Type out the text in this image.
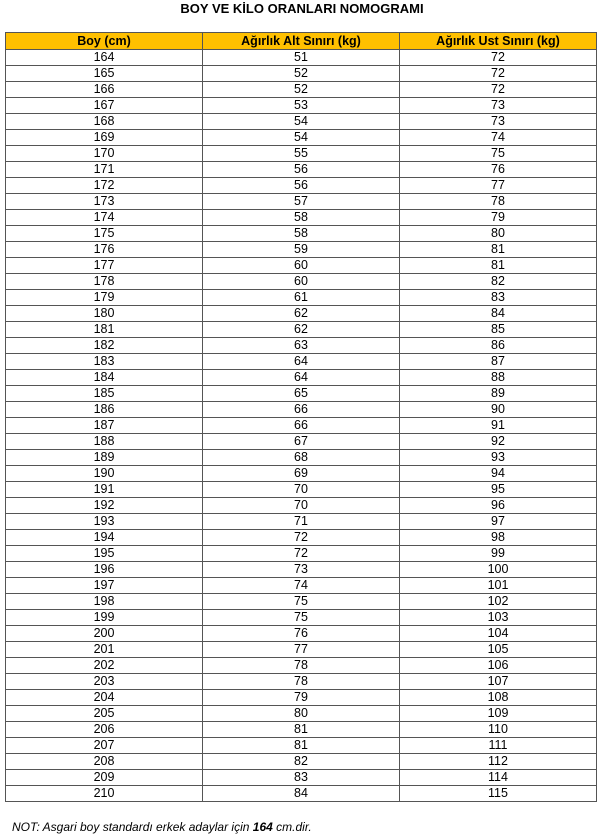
BOY VE KİLO ORANLARI NOMOGRAMI
Boy (cm)	Ağırlık Alt Sınırı (kg)	Ağırlık Ust Sınırı (kg)
164	51	72
165	52	72
166	52	72
167	53	73
168	54	73
169	54	74
170	55	75
171	56	76
172	56	77
173	57	78
174	58	79
175	58	80
176	59	81
177	60	81
178	60	82
179	61	83
180	62	84
181	62	85
182	63	86
183	64	87
184	64	88
185	65	89
186	66	90
187	66	91
188	67	92
189	68	93
190	69	94
191	70	95
192	70	96
193	71	97
194	72	98
195	72	99
196	73	100
197	74	101
198	75	102
199	75	103
200	76	104
201	77	105
202	78	106
203	78	107
204	79	108
205	80	109
206	81	110
207	81	111
208	82	112
209	83	114
210	84	115
NOT: Asgari boy standardı erkek adaylar için 164 cm.dir.
